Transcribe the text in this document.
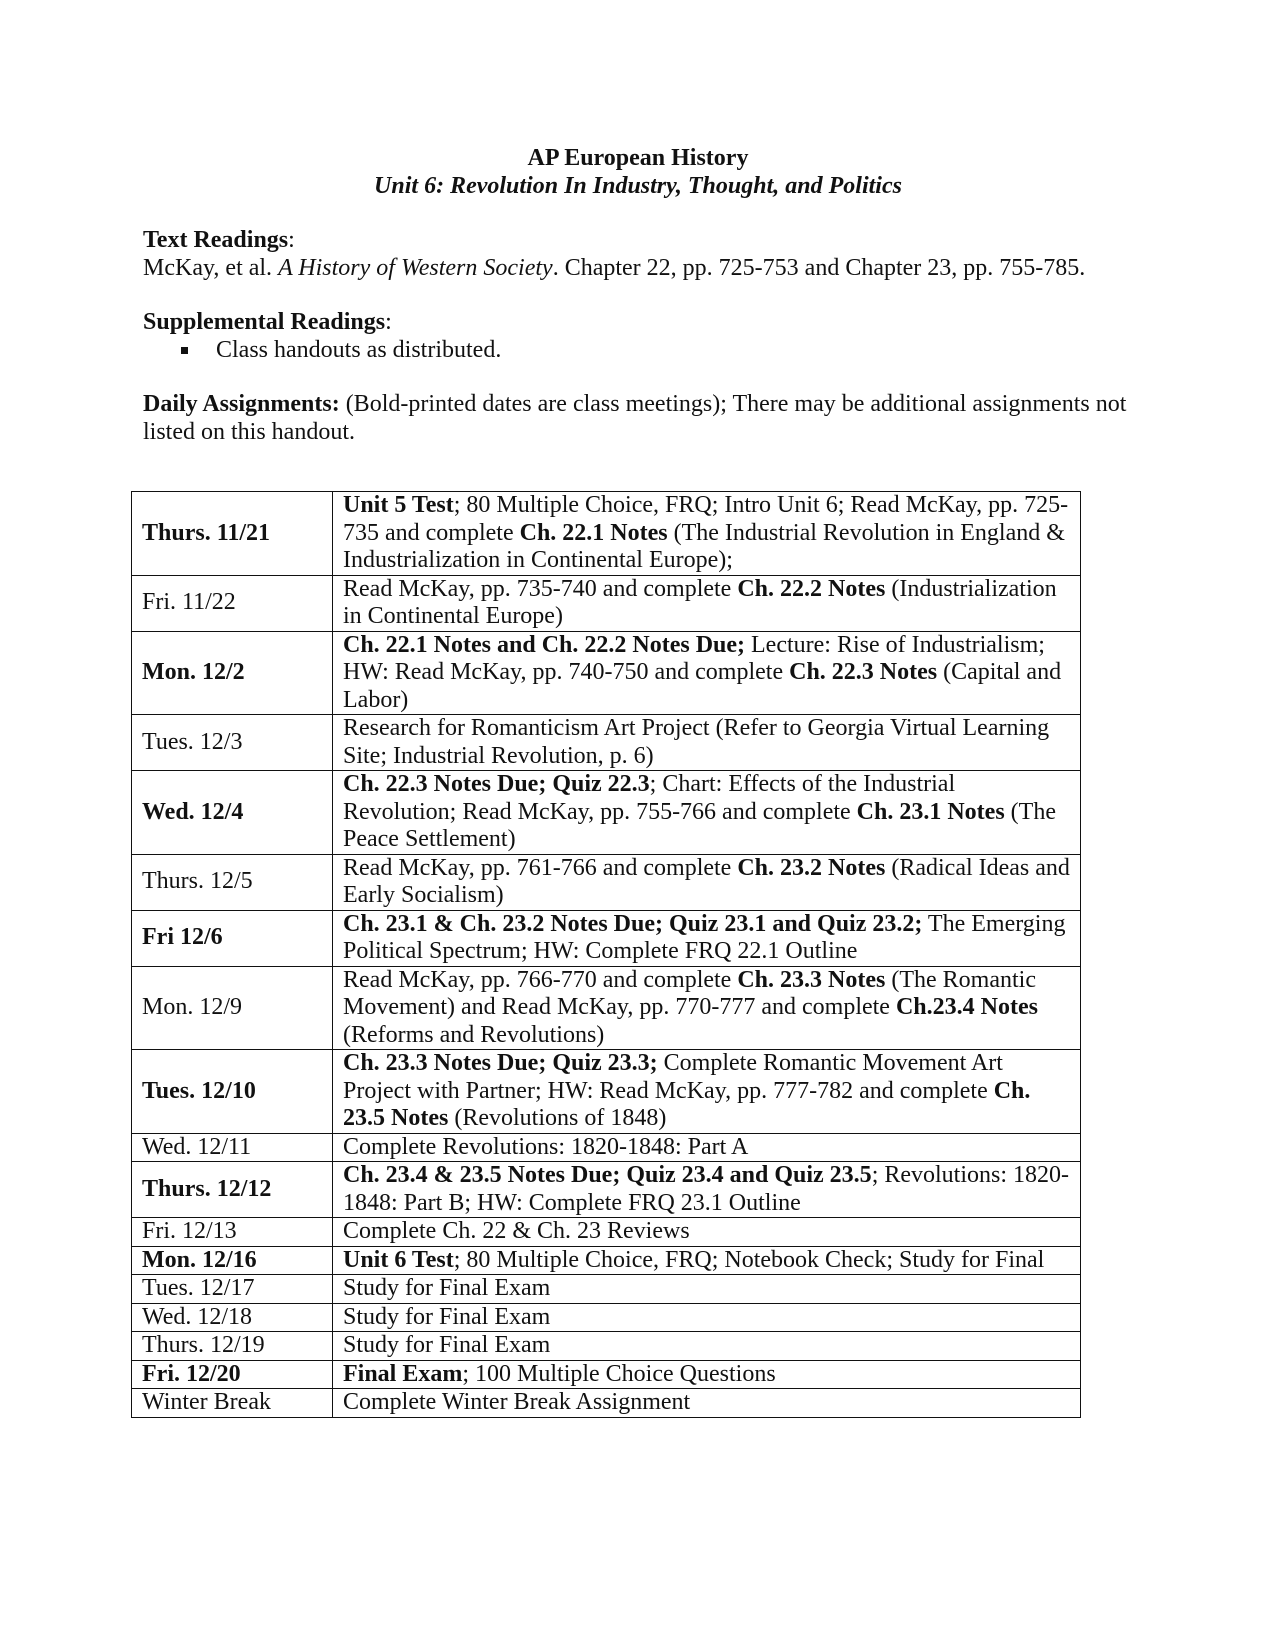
AP European History

Unit 6: Revolution In Industry, Thought, and Politics

Text Readings:

McKay, et al. A History of Western Society. Chapter 22, pp. 725-753 and Chapter 23, pp. 755-785.

Supplemental Readings:

Class handouts as distributed.

Daily Assignments: (Bold-printed dates are class meetings); There may be additional assignments not listed on this handout.

Thurs. 11/21	Unit 5 Test; 80 Multiple Choice, FRQ; Intro Unit 6; Read McKay, pp. 725-735 and complete Ch. 22.1 Notes (The Industrial Revolution in England & Industrialization in Continental Europe);
Fri. 11/22	Read McKay, pp. 735-740 and complete Ch. 22.2 Notes (Industrialization in Continental Europe)
Mon. 12/2	Ch. 22.1 Notes and Ch. 22.2 Notes Due; Lecture: Rise of Industrialism; HW: Read McKay, pp. 740-750 and complete Ch. 22.3 Notes (Capital and Labor)
Tues. 12/3	Research for Romanticism Art Project (Refer to Georgia Virtual Learning Site; Industrial Revolution, p. 6)
Wed. 12/4	Ch. 22.3 Notes Due; Quiz 22.3; Chart: Effects of the Industrial Revolution; Read McKay, pp. 755-766 and complete Ch. 23.1 Notes (The Peace Settlement)
Thurs. 12/5	Read McKay, pp. 761-766 and complete Ch. 23.2 Notes (Radical Ideas and Early Socialism)
Fri 12/6	Ch. 23.1 & Ch. 23.2 Notes Due; Quiz 23.1 and Quiz 23.2; The Emerging Political Spectrum; HW: Complete FRQ 22.1 Outline
Mon. 12/9	Read McKay, pp. 766-770 and complete Ch. 23.3 Notes (The Romantic Movement) and Read McKay, pp. 770-777 and complete Ch.23.4 Notes (Reforms and Revolutions)
Tues. 12/10	Ch. 23.3 Notes Due; Quiz 23.3; Complete Romantic Movement Art Project with Partner; HW: Read McKay, pp. 777-782 and complete Ch. 23.5 Notes (Revolutions of 1848)
Wed. 12/11	Complete Revolutions: 1820-1848: Part A
Thurs. 12/12	Ch. 23.4 & 23.5 Notes Due; Quiz 23.4 and Quiz 23.5; Revolutions: 1820-1848: Part B; HW: Complete FRQ 23.1 Outline
Fri. 12/13	Complete Ch. 22 & Ch. 23 Reviews
Mon. 12/16	Unit 6 Test; 80 Multiple Choice, FRQ; Notebook Check; Study for Final
Tues. 12/17	Study for Final Exam
Wed. 12/18	Study for Final Exam
Thurs. 12/19	Study for Final Exam
Fri. 12/20	Final Exam; 100 Multiple Choice Questions
Winter Break	Complete Winter Break Assignment
